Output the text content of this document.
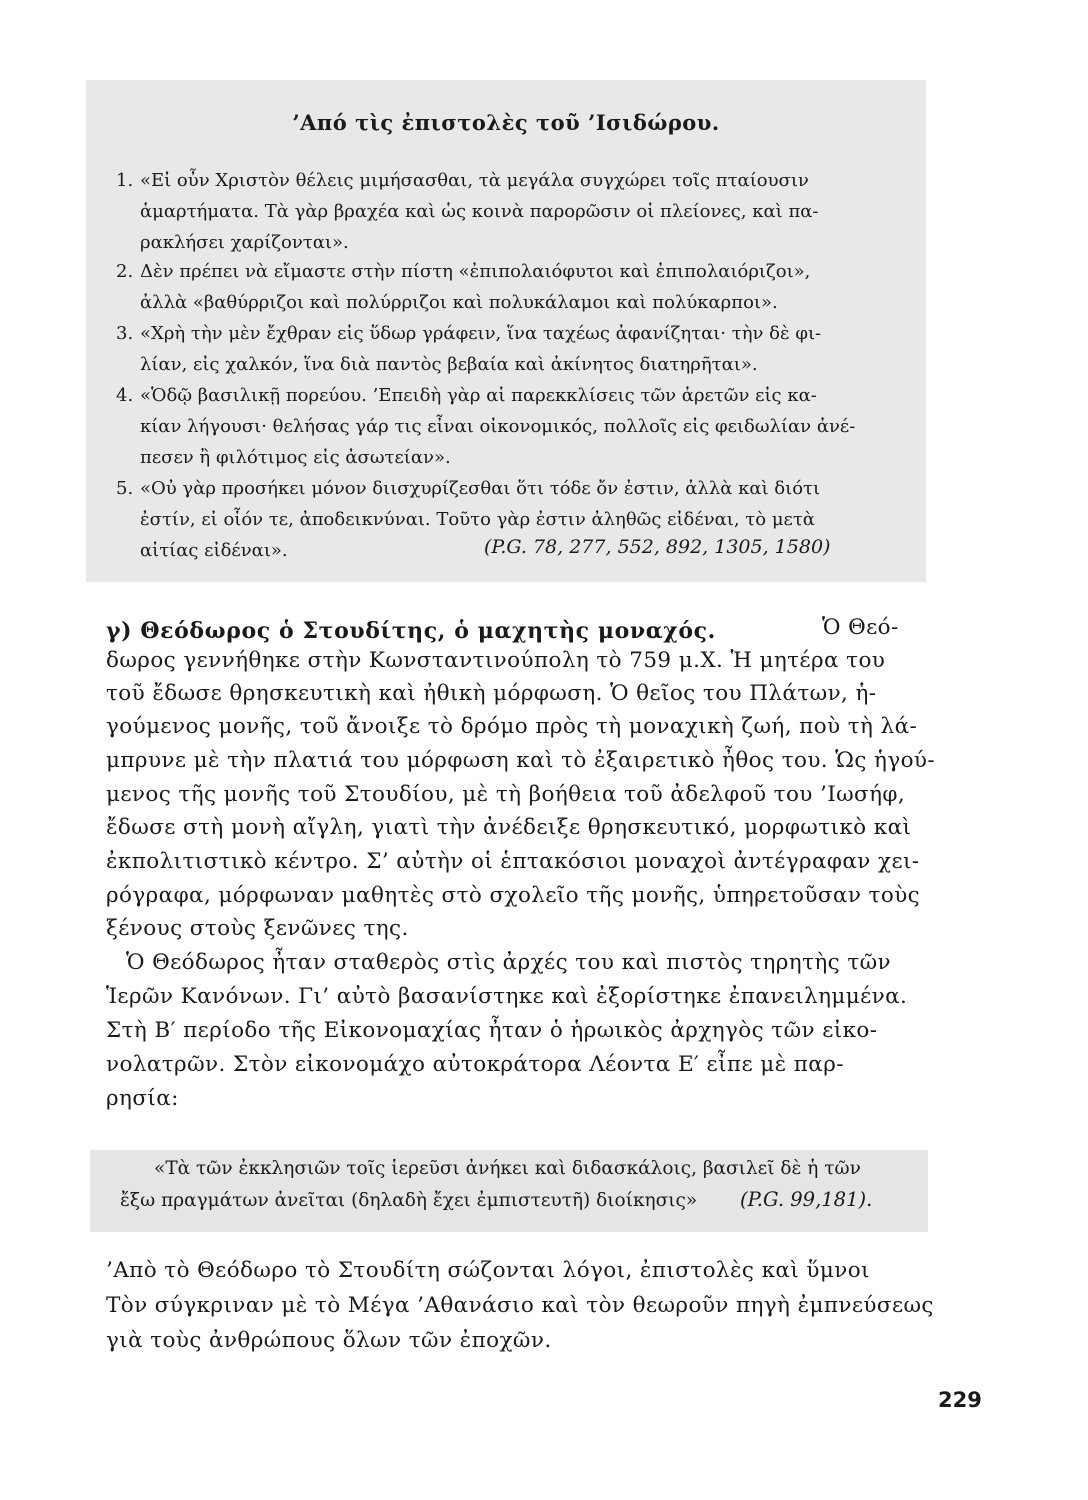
’Από τὶς ἐπιστολὲς τοῦ ’Ισιδώρου.
1. «Εἰ οὖν Χριστὸν θέλεις μιμήσασθαι, τὰ μεγάλα συγχώρει τοῖς πταίουσιν
ἁμαρτήματα. Τὰ γὰρ βραχέα καὶ ὡς κοινὰ παρορῶσιν οἱ πλείονες, καὶ πα-
ρακλήσει χαρίζονται».
2. Δὲν πρέπει νὰ εἴμαστε στὴν πίστη «ἐπιπολαιόφυτοι καὶ ἐπιπολαιόριζοι»,
ἀλλὰ «βαθύρριζοι καὶ πολύρριζοι καὶ πολυκάλαμοι καὶ πολύκαρποι».
3. «Χρὴ τὴν μὲν ἔχθραν εἰς ὕδωρ γράφειν, ἵνα ταχέως ἀφανίζηται· τὴν δὲ φι-
λίαν, εἰς χαλκόν, ἵνα διὰ παντὸς βεβαία καὶ ἀκίνητος διατηρῆται».
4. «Ὁδῷ βασιλικῇ πορεύου. ’Επειδὴ γὰρ αἱ παρεκκλίσεις τῶν ἀρετῶν εἰς κα-
κίαν λήγουσι· θελήσας γάρ τις εἶναι οἰκονομικός, πολλοῖς εἰς φειδωλίαν ἀνέ-
πεσεν ἢ φιλότιμος εἰς ἀσωτείαν».
5. «Οὐ γὰρ προσήκει μόνον διισχυρίζεσθαι ὅτι τόδε ὄν ἐστιν, ἀλλὰ καὶ διότι
ἐστίν, εἰ οἷόν τε, ἀποδεικνύναι. Τοῦτο γὰρ ἐστιν ἀληθῶς εἰδέναι, τὸ μετὰ
αἰτίας εἰδέναι».	(P.G. 78, 277, 552, 892, 1305, 1580)
γ) Θεόδωρος ὁ Στουδίτης, ὁ μαχητὴς μοναχός.	Ὁ Θεό-
δωρος γεννήθηκε στὴν Κωνσταντινούπολη τὸ 759 μ.Χ. Ἡ μητέρα του
τοῦ ἔδωσε θρησκευτικὴ καὶ ἠθικὴ μόρφωση. Ὁ θεῖος του Πλάτων, ἡ-
γούμενος μονῆς, τοῦ ἄνοιξε τὸ δρόμο πρὸς τὴ μοναχικὴ ζωή, ποὺ τὴ λά-
μπρυνε μὲ τὴν πλατιά του μόρφωση καὶ τὸ ἐξαιρετικὸ ἦθος του. Ὡς ἡγού-
μενος τῆς μονῆς τοῦ Στουδίου, μὲ τὴ βοήθεια τοῦ ἀδελφοῦ του ’Ιωσήφ,
ἔδωσε στὴ μονὴ αἴγλη, γιατὶ τὴν ἀνέδειξε θρησκευτικό, μορφωτικὸ καὶ
ἐκπολιτιστικὸ κέντρο. Σ’ αὐτὴν οἱ ἑπτακόσιοι μοναχοὶ ἀντέγραφαν χει-
ρόγραφα, μόρφωναν μαθητὲς στὸ σχολεῖο τῆς μονῆς, ὑπηρετοῦσαν τοὺς
ξένους στοὺς ξενῶνες της.
Ὁ Θεόδωρος ἦταν σταθερὸς στὶς ἀρχές του καὶ πιστὸς τηρητὴς τῶν
Ἱερῶν Κανόνων. Γι’ αὐτὸ βασανίστηκε καὶ ἐξορίστηκε ἐπανειλημμένα.
Στὴ Β′ περίοδο τῆς Εἰκονομαχίας ἦταν ὁ ἡρωικὸς ἀρχηγὸς τῶν εἰκο-
νολατρῶν. Στὸν εἰκονομάχο αὐτοκράτορα Λέοντα Ε′ εἶπε μὲ παρ-
ρησία:
«Τὰ τῶν ἐκκλησιῶν τοῖς ἱερεῦσι ἀνήκει καὶ διδασκάλοις, βασιλεῖ δὲ ἡ τῶν
ἔξω πραγμάτων ἀνεῖται (δηλαδὴ ἔχει ἐμπιστευτῆ) διοίκησις» (P.G. 99,181).
’Απὸ τὸ Θεόδωρο τὸ Στουδίτη σώζονται λόγοι, ἐπιστολὲς καὶ ὕμνοι
Τὸν σύγκριναν μὲ τὸ Μέγα ’Αθανάσιο καὶ τὸν θεωροῦν πηγὴ ἐμπνεύσεως
γιὰ τοὺς ἀνθρώπους ὅλων τῶν ἐποχῶν.
229
